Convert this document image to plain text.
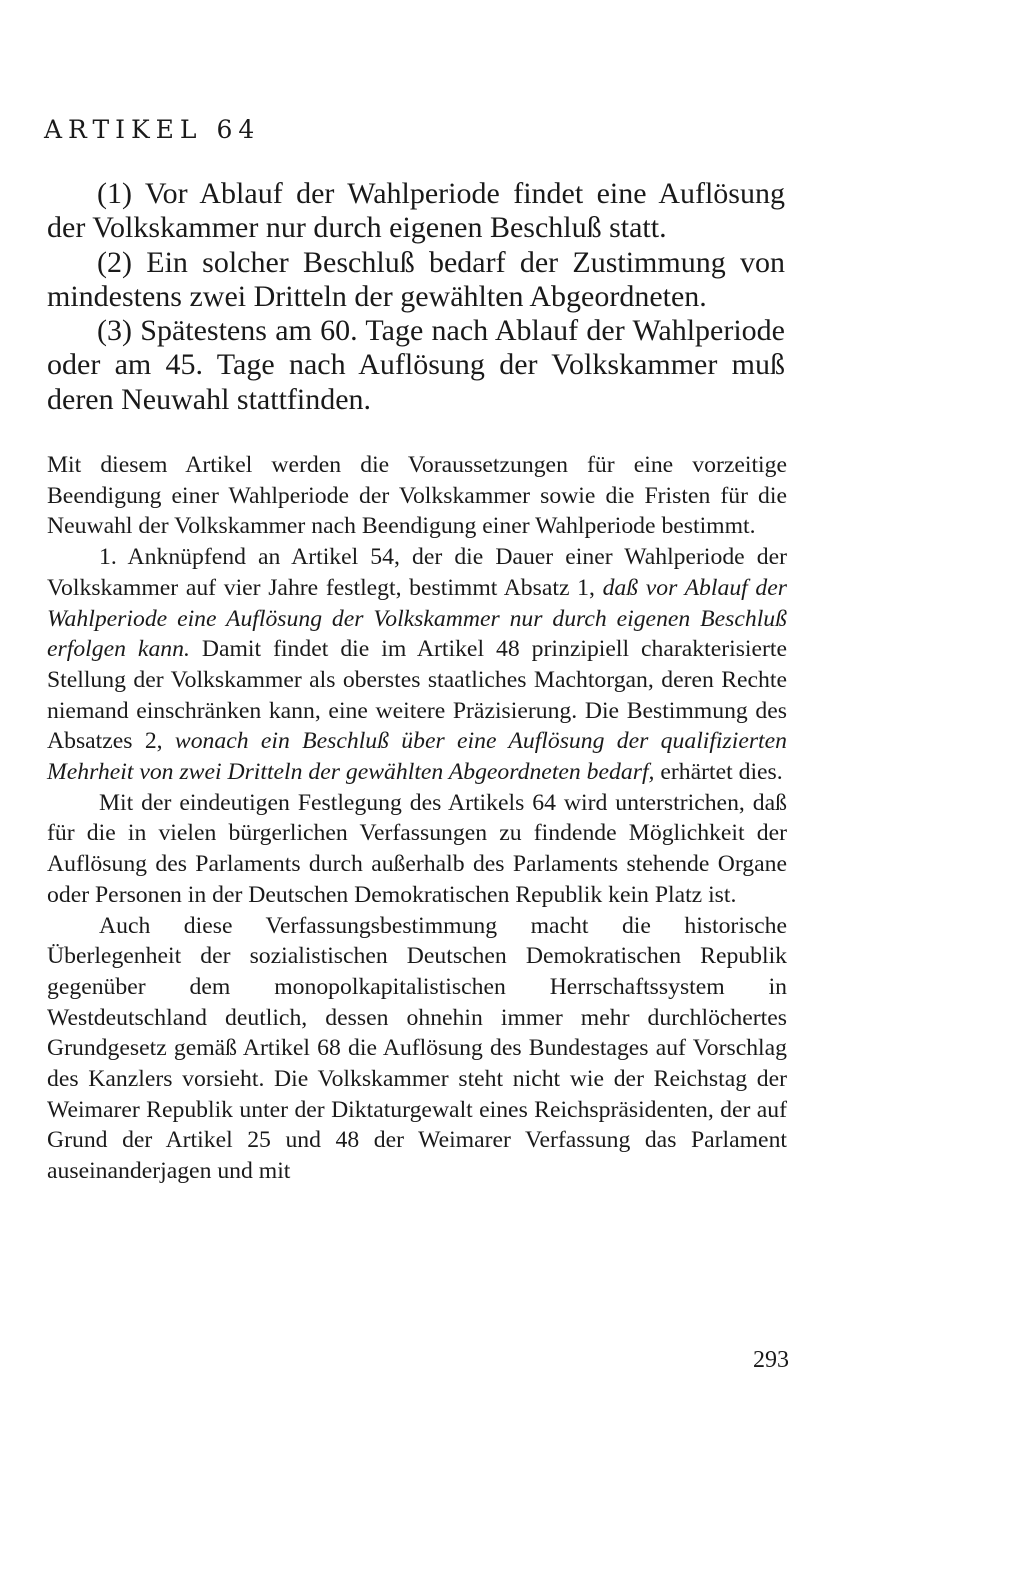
ARTIKEL 64

(1) Vor Ablauf der Wahlperiode findet eine Auflösung der Volkskammer nur durch eigenen Beschluß statt.

(2) Ein solcher Beschluß bedarf der Zustimmung von mindestens zwei Dritteln der gewählten Abgeordneten.

(3) Spätestens am 60. Tage nach Ablauf der Wahlperiode oder am 45. Tage nach Auflösung der Volkskammer muß deren Neuwahl stattfinden.

Mit diesem Artikel werden die Voraussetzungen für eine vorzeitige Beendigung einer Wahlperiode der Volkskammer sowie die Fristen für die Neuwahl der Volkskammer nach Beendigung einer Wahlperiode bestimmt.

1. Anknüpfend an Artikel 54, der die Dauer einer Wahlperiode der Volkskammer auf vier Jahre festlegt, bestimmt Absatz 1, daß vor Ablauf der Wahlperiode eine Auflösung der Volkskammer nur durch eigenen Beschluß erfolgen kann. Damit findet die im Artikel 48 prinzipiell charakterisierte Stellung der Volkskammer als oberstes staatliches Machtorgan, deren Rechte niemand einschränken kann, eine weitere Präzisierung. Die Bestimmung des Absatzes 2, wonach ein Beschluß über eine Auflösung der qualifizierten Mehrheit von zwei Dritteln der gewählten Abgeordneten bedarf, erhärtet dies.

Mit der eindeutigen Festlegung des Artikels 64 wird unterstrichen, daß für die in vielen bürgerlichen Verfassungen zu findende Möglichkeit der Auflösung des Parlaments durch außerhalb des Parlaments stehende Organe oder Personen in der Deutschen Demokratischen Republik kein Platz ist.

Auch diese Verfassungsbestimmung macht die historische Überlegenheit der sozialistischen Deutschen Demokratischen Republik gegenüber dem monopolkapitalistischen Herrschaftssystem in Westdeutschland deutlich, dessen ohnehin immer mehr durchlöchertes Grundgesetz gemäß Artikel 68 die Auflösung des Bundestages auf Vorschlag des Kanzlers vorsieht. Die Volkskammer steht nicht wie der Reichstag der Weimarer Republik unter der Diktaturgewalt eines Reichspräsidenten, der auf Grund der Artikel 25 und 48 der Weimarer Verfassung das Parlament auseinanderjagen und mit

293
